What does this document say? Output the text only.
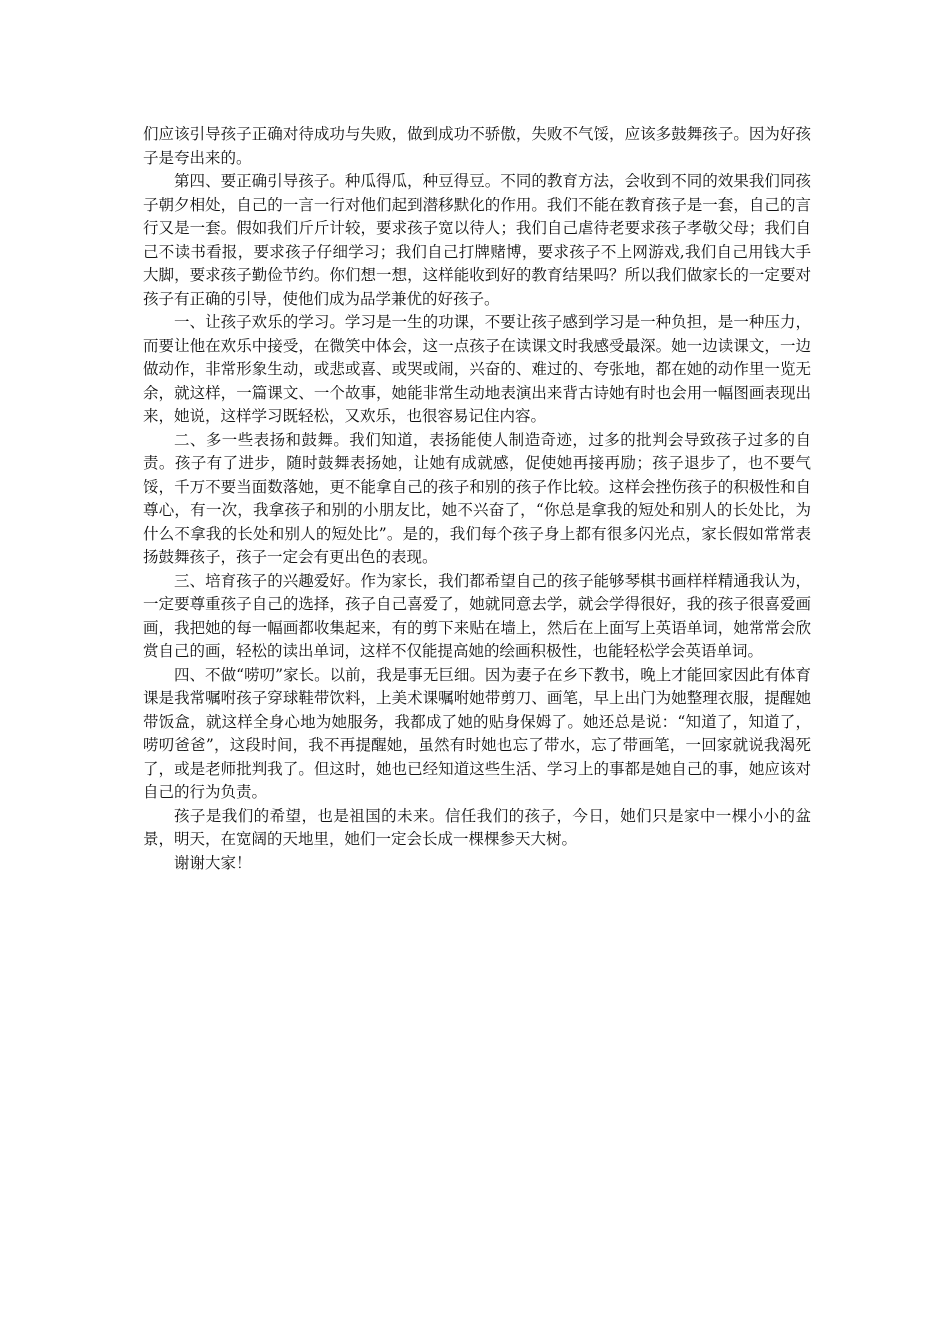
们应该引导孩子正确对待成功与失败，做到成功不骄傲，失败不气馁，应该多鼓舞孩子。因为好孩子是夸出来的。

第四、要正确引导孩子。种瓜得瓜，种豆得豆。不同的教育方法，会收到不同的效果我们同孩子朝夕相处，自己的一言一行对他们起到潜移默化的作用。我们不能在教育孩子是一套，自己的言行又是一套。假如我们斤斤计较，要求孩子宽以待人；我们自己虐待老要求孩子孝敬父母；我们自己不读书看报，要求孩子仔细学习；我们自己打牌赌博，要求孩子不上网游戏,我们自己用钱大手大脚，要求孩子勤俭节约。你们想一想，这样能收到好的教育结果吗？所以我们做家长的一定要对孩子有正确的引导，使他们成为品学兼优的好孩子。

一、让孩子欢乐的学习。学习是一生的功课，不要让孩子感到学习是一种负担，是一种压力，而要让他在欢乐中接受，在微笑中体会，这一点孩子在读课文时我感受最深。她一边读课文，一边做动作，非常形象生动，或悲或喜、或哭或闹，兴奋的、难过的、夸张地，都在她的动作里一览无余，就这样，一篇课文、一个故事，她能非常生动地表演出来背古诗她有时也会用一幅图画表现出来，她说，这样学习既轻松，又欢乐，也很容易记住内容。

二、多一些表扬和鼓舞。我们知道，表扬能使人制造奇迹，过多的批判会导致孩子过多的自责。孩子有了进步，随时鼓舞表扬她，让她有成就感，促使她再接再励；孩子退步了，也不要气馁，千万不要当面数落她，更不能拿自己的孩子和别的孩子作比较。这样会挫伤孩子的积极性和自尊心，有一次，我拿孩子和别的小朋友比，她不兴奋了，“你总是拿我的短处和别人的长处比，为什么不拿我的长处和别人的短处比”。是的，我们每个孩子身上都有很多闪光点，家长假如常常表扬鼓舞孩子，孩子一定会有更出色的表现。

三、培育孩子的兴趣爱好。作为家长，我们都希望自己的孩子能够琴棋书画样样精通我认为，一定要尊重孩子自己的选择，孩子自己喜爱了，她就同意去学，就会学得很好，我的孩子很喜爱画画，我把她的每一幅画都收集起来，有的剪下来贴在墙上，然后在上面写上英语单词，她常常会欣赏自己的画，轻松的读出单词，这样不仅能提高她的绘画积极性，也能轻松学会英语单词。

四、不做“唠叨”家长。以前，我是事无巨细。因为妻子在乡下教书，晚上才能回家因此有体育课是我常嘱咐孩子穿球鞋带饮料，上美术课嘱咐她带剪刀、画笔，早上出门为她整理衣服，提醒她带饭盒，就这样全身心地为她服务，我都成了她的贴身保姆了。她还总是说：“知道了，知道了，唠叨爸爸”，这段时间，我不再提醒她，虽然有时她也忘了带水，忘了带画笔，一回家就说我渴死了，或是老师批判我了。但这时，她也已经知道这些生活、学习上的事都是她自己的事，她应该对自己的行为负责。

孩子是我们的希望，也是祖国的未来。信任我们的孩子，今日，她们只是家中一棵小小的盆景，明天，在宽阔的天地里，她们一定会长成一棵棵参天大树。

谢谢大家！
